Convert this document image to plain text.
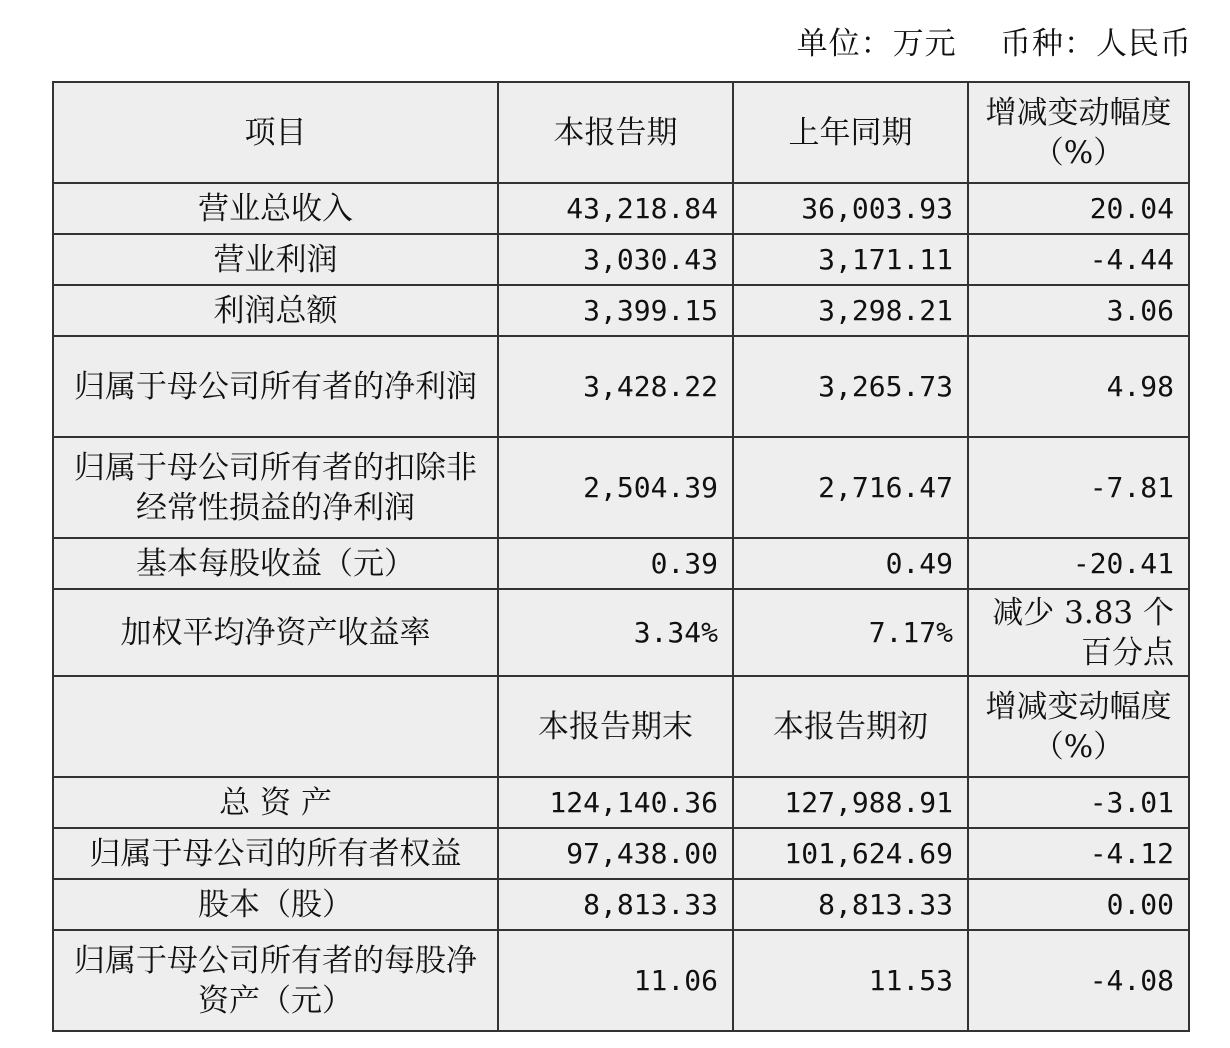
单位：万元    币种：人民币
项目	本报告期	上年同期	增减变动幅度（%）
营业总收入	43,218.84	36,003.93	20.04
营业利润	3,030.43	3,171.11	-4.44
利润总额	3,399.15	3,298.21	3.06
归属于母公司所有者的净利润	3,428.22	3,265.73	4.98
归属于母公司所有者的扣除非经常性损益的净利润	2,504.39	2,716.47	-7.81
基本每股收益（元）	0.39	0.49	-20.41
加权平均净资产收益率	3.34%	7.17%	减少 3.83 个百分点
	本报告期末	本报告期初	增减变动幅度（%）
总 资 产	124,140.36	127,988.91	-3.01
归属于母公司的所有者权益	97,438.00	101,624.69	-4.12
股本（股）	8,813.33	8,813.33	0.00
归属于母公司所有者的每股净资产（元）	11.06	11.53	-4.08
